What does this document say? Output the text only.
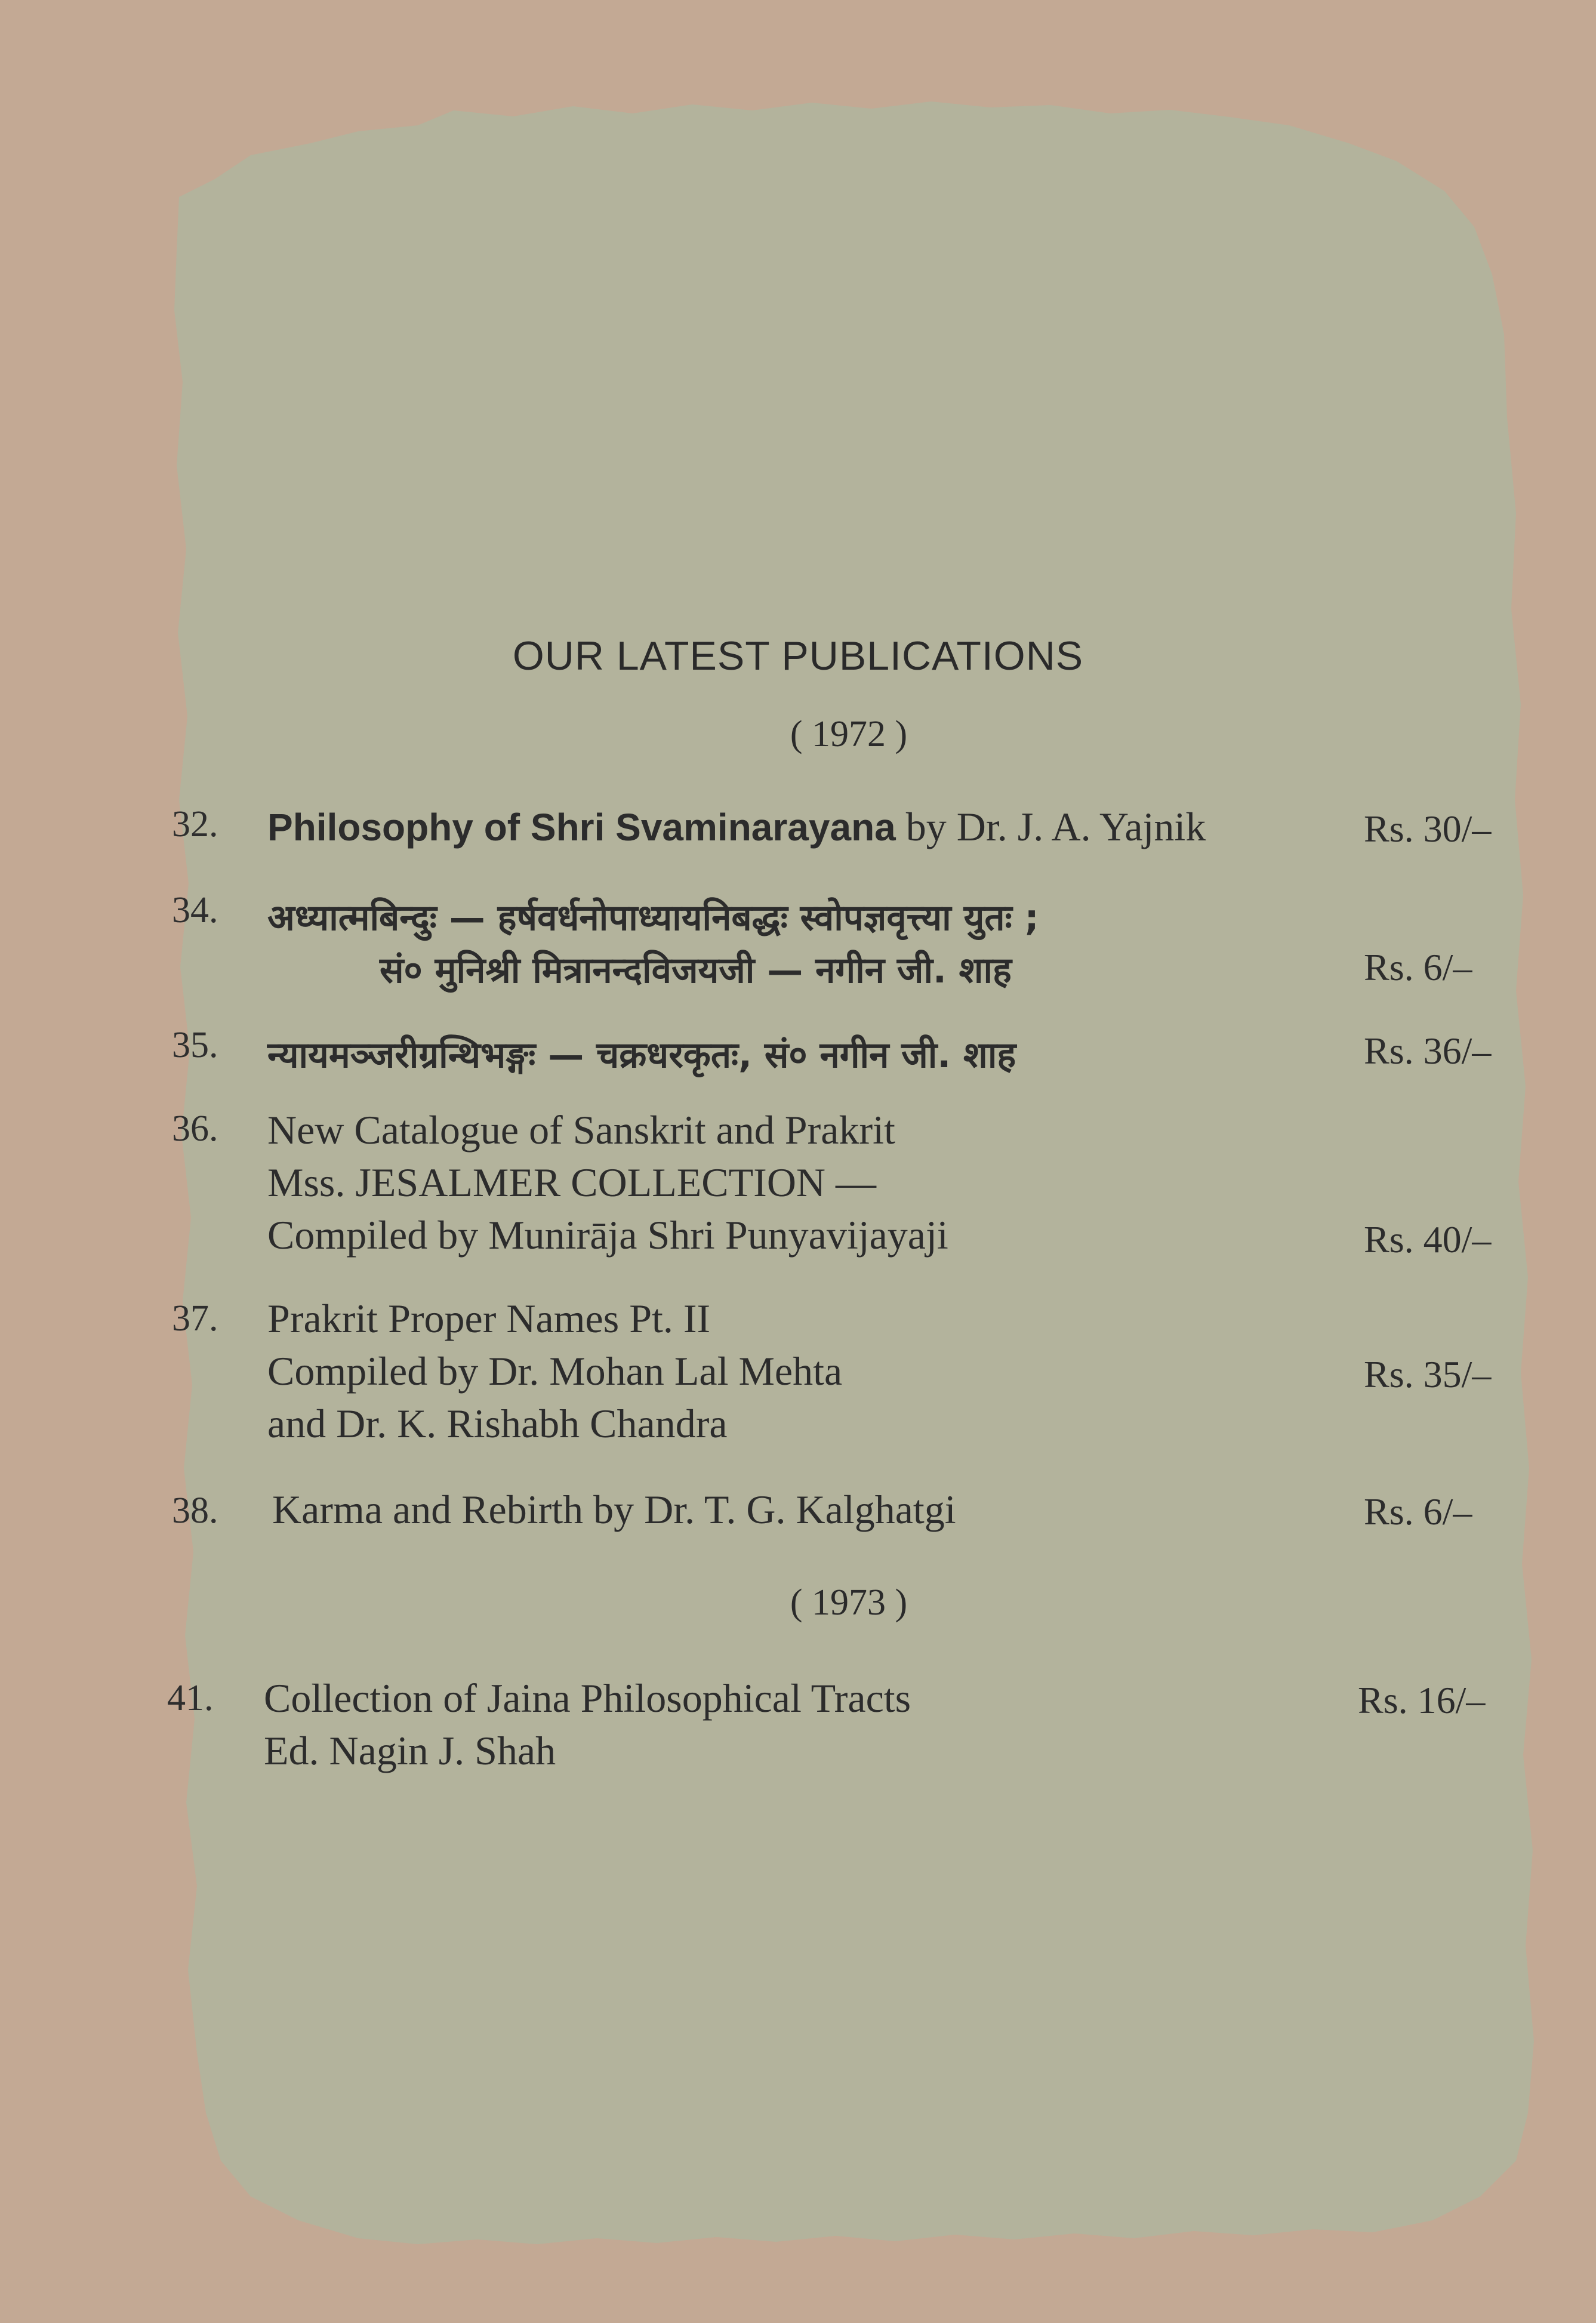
OUR LATEST PUBLICATIONS
( 1972 )
32. Philosophy of Shri Svaminarayana by Dr. J. A. Yajnik	Rs. 30/–
34. अध्यात्मबिन्दुः — हर्षवर्धनोपाध्यायनिबद्धः स्वोपज्ञवृत्त्या युतः ;
सं० मुनिश्री मित्रानन्दविजयजी — नगीन जी. शाह	Rs. 6/–
35. न्यायमञ्जरीग्रन्थिभङ्गः — चक्रधरकृतः, सं० नगीन जी. शाह	Rs. 36/–
36. New Catalogue of Sanskrit and Prakrit
Mss. JESALMER COLLECTION —
Compiled by Munirāja Shri Punyavijayaji	Rs. 40/–
37. Prakrit Proper Names Pt. II
Compiled by Dr. Mohan Lal Mehta
and Dr. K. Rishabh Chandra
Rs. 35/–
38. Karma and Rebirth by Dr. T. G. Kalghatgi	Rs. 6/–
( 1973 )
41. Collection of Jaina Philosophical Tracts
Ed. Nagin J. Shah
Rs. 16/–
